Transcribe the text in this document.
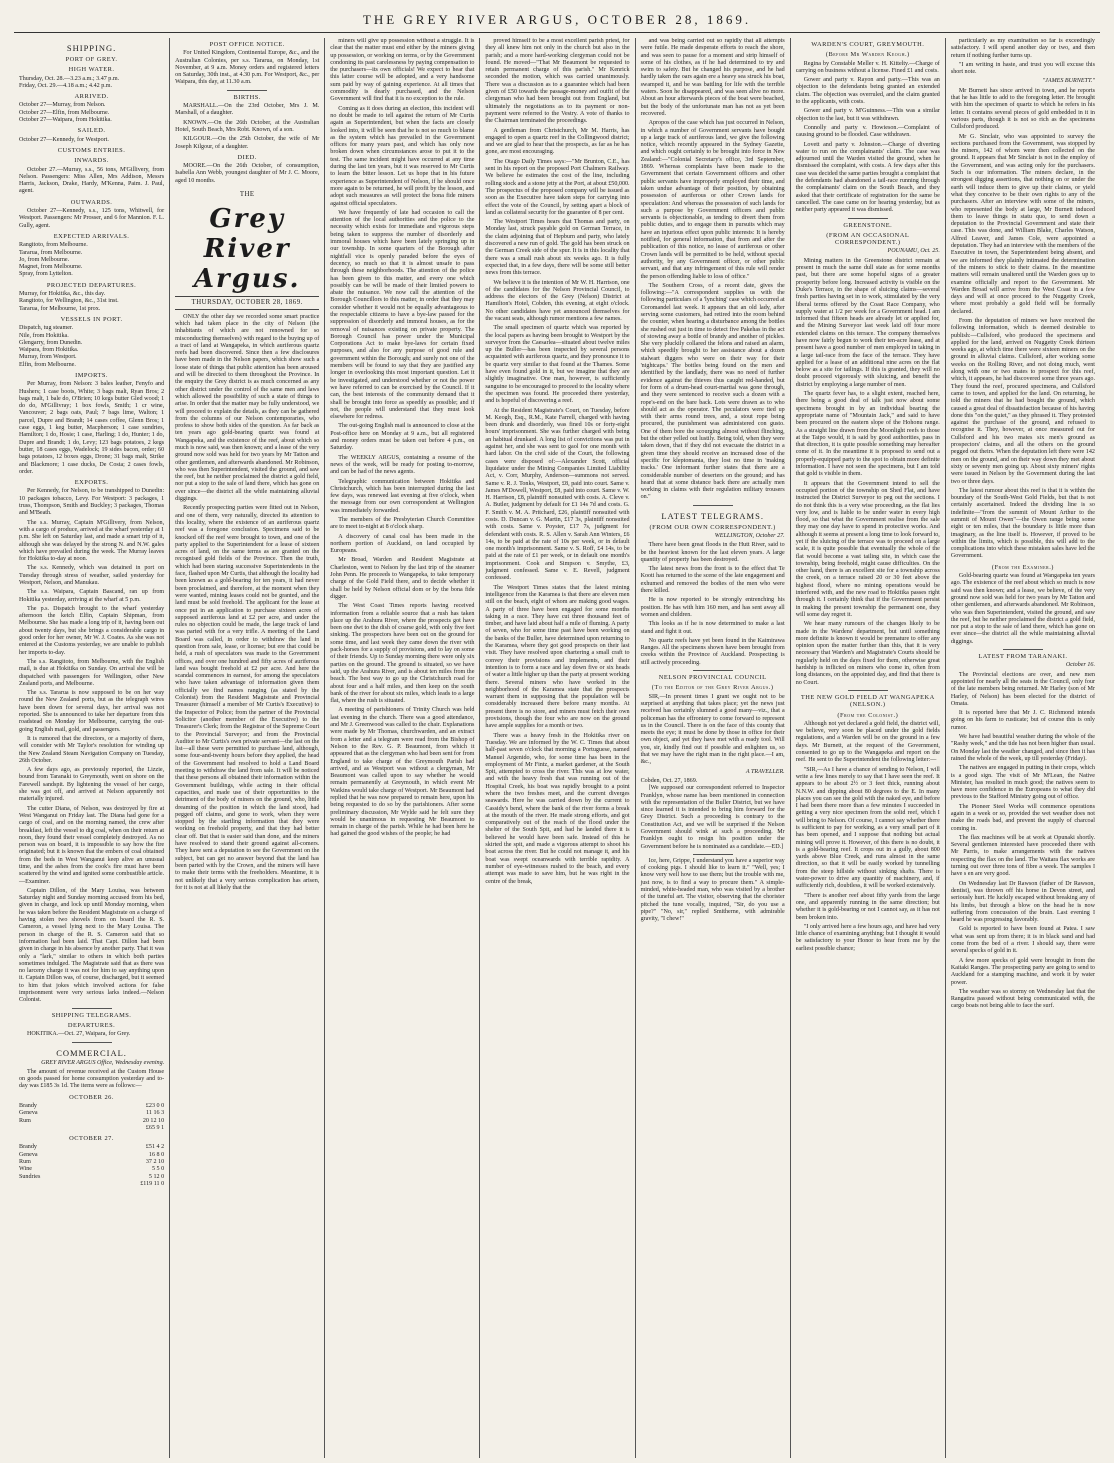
THE GREY RIVER ARGUS, OCTOBER 28, 1869.
SHIPPING.
PORT OF GREY.
HIGH WATER.

Thursday, Oct. 28.—3.23 a.m.; 3.47 p.m.

Friday, Oct. 29.—4.18 a.m.; 4.42 p.m.

ARRIVED.

October 27—Murray, from Nelson.

October 27—Elfin, from Melbourne.

October 27—Waipara, from Hokitika.

SAILED.

October 27—Kennedy, for Westport.

CUSTOMS ENTRIES.
INWARDS.

October 27.—Murray, s.s., 56 tons, M'Gillivery, from Nelson. Passengers: Miss Allen, Mrs Addison, Messrs Harris, Jackson, Drake, Hardy, M'Kenna, Paim. J. Paul, agent.

OUTWARDS.

October 27—Kennedy, s.s., 125 tons, Whitwell, for Westport. Passengers: Mr Prosser, and 6 for Mannion. F. L. Gully, agent.

EXPECTED ARRIVALS.

Rangitoto, from Melbourne.

Tararua, from Melbourne.

Jo, from Melbourne.

Magnet, from Melbourne.

Spray, from Lyttelton.

PROJECTED DEPARTURES.

Murray, for Hokitika, &c., this day.

Rangitoto, for Wellington, &c., 31st inst.

Tararua, for Melbourne, 1st prox.

VESSELS IN PORT.

Dispatch, tug steamer.

Nile, from Hokitika.

Glengarry, from Dunedin.

Waipara, from Hokitika.

Murray, from Westport.

Elfin, from Melbourne.

IMPORTS.

Per Murray, from Nelson: 3 bales leather, Fenyfo and Hushers; 1 case boots, White; 3 bags malt, Ryan Bros; 2 bags malt, 1 bale do, O'Brien; 10 kegs butter Gled wood; 1 do do, M'Gillivray; 1 box fowls, Smith; 1 cr wine, Vancouver; 2 bags oats, Paul; 7 bags lime, Walton; 1 parcel, Dupre and Brandt; 14 cases coffee, Glenn Bros; 1 case eggs, 1 keg butter, Macpherson; 1 case sundries, Hamilton; 1 do, Hosie; 1 case, Harling; 1 do, Hunter; 1 do, Dupre and Brandt; 1 do, Levy; 123 bags potatoes, 2 kegs butter, 18 cases eggs, Wadelock; 19 sides bacon, order; 60 bags potatoes, 12 boxes eggs, Drone; 31 bags malt, Strike and Blackmore; 1 case ducks, De Costa; 2 cases fowls, order.

EXPORTS.

Per Kennedy, for Nelson, to be transhipped to Dunedin: 10 packages tobacco, Levy. For Westport: 3 packages, 1 truss, Thompson, Smith and Buckley; 3 packages, Thomas and M'Beath.

The s.s. Murray, Captain M'Gillivery, from Nelson, with a cargo of produce, arrived at the wharf yesterday at 1 p.m. She left on Saturday last, and made a smart trip of it, although she was delayed by the strong N. and N.W. gales which have prevailed during the week. The Murray leaves for Hokitika to-day at noon.

The s.s. Kennedy, which was detained in port on Tuesday through stress of weather, sailed yesterday for Westport, Nelson, and Manukau.

The s.s. Waipara, Captain Bascand, ran up from Hokitika yesterday, arriving at the wharf at 5 p.m.

The p.s. Dispatch brought to the wharf yesterday afternoon the ketch Elfin, Captain Shipman, from Melbourne. She has made a long trip of it, having been out about twenty days, but she brings a considerable cargo in good order for her owner, Mr W. J. Coates. As she was not entered at the Customs yesterday, we are unable to publish her imports to-day.

The s.s. Rangitoto, from Melbourne, with the English mail, is due at Hokitika on Sunday. On arrival she will be dispatched with passengers for Wellington, other New Zealand ports, and Melbourne.

The s.s. Tararua is now supposed to be on her way round the New Zealand ports, but as the telegraph wires have been down for several days, her arrival was not reported. She is announced to take her departure from this roadstead on Monday for Melbourne, carrying the out-going English mail, gold, and passengers.

It is rumored that the directors, or a majority of them, will consider with Mr Taylor's resolution for winding up the New Zealand Steam Navigation Company on Tuesday, 26th October.

A few days ago, as previously reported, the Lizzie, bound from Taranaki to Greymouth, went on shore on the Farewell sandspit. By lightening the vessel of her cargo, she was got off, and arrived at Nelson apparently not materially injured.

The cutter Diana, of Nelson, was destroyed by fire at West Wanganui on Friday last. The Diana had gone for a cargo of coal, and on the morning named, the crew after breakfast, left the vessel to dig coal, when on their return at noon, they found their vessel completely destroyed. As no person was on board, it is impossible to say how the fire originated; but it is known that the embers of coal obtained from the beds in West Wanganui keep alive an unusual time, and the ashes from the cook's fire must have been scattered by the wind and ignited some combustible article.—Examiner.

Captain Dillon, of the Mary Louisa, was between Saturday night and Sunday morning accused from his bed, given in charge, and lock up until Monday morning, when he was taken before the Resident Magistrate on a charge of having stolen two shovels from on board the R. S. Cameron, a vessel lying next to the Mary Louisa. The person in charge of the R. S. Cameron said that so information had been laid. That Capt. Dillon had been given in charge in his absence by another party. That it was only a "lark," similar to others in which both parties sometimes indulged. The Magistrate said that as there was no larceny charge it was not for him to say anything upon it. Captain Dillon was, of course, discharged, but it seemed to him that jokes which involved actions for false imprisonment were very serious larks indeed.—Nelson Colonist.

SHIPPING TELEGRAMS.
DEPARTURES.

HOKITIKA.—Oct. 27, Waipara, for Grey.

COMMERCIAL.

GREY RIVER ARGUS Office, Wednesday evening.

The amount of revenue received at the Custom House on goods passed for home consumption yesterday and to-day was £185 3s 1d. The items were as follows:—

OCTOBER 26.
Brandy	£23 0 0
Geneva	11 16 3
Rum	20 12 10
	£65 9 1
OCTOBER 27.
Brandy	£51 4 2
Geneva	16 8 0
Rum	37 2 10
Wine	5 5 0
Sundries	5 12 0
	£119 11 0
POST OFFICE NOTICE.

For United Kingdom, Continental Europe, &c., and the Australian Colonies, per s.s. Tararua, on Monday, 1st November, at 9 a.m. Money orders and registered letters on Saturday, 30th inst., at 4.30 p.m. For Westport, &c., per Waipara, this day, at 11.30 a.m.

BIRTHS.

MARSHALL.—On the 23rd October, Mrs J. M. Marshall, of a daughter.

KNOWN.—On the 26th October, at the Australian Hotel, South Beach, Mrs Robt. Known, of a son.

KILGOUR.—On the 25th October, the wife of Mr Joseph Kilgour, of a daughter.

DIED.

MOORE.—On the 26th October, of consumption, Isabella Ann Webb, youngest daughter of Mr J. C. Moore, aged 10 months.

THE
Grey River Argus.
THURSDAY, OCTOBER 28, 1869.

ONLY the other day we recorded some smart practice which had taken place in the city of Nelson (the inhabitants of which are not renowned for so misconducting themselves) with regard to the buying up of a tract of land at Wangapeka, in which auriferous quartz reefs had been discovered. Since then a few disclosures have been made in the Nelson papers, which show such a loose state of things that public attention has been aroused and will be directed to them throughout the Province. In the enquiry the Grey district is as much concerned as any other district under the control of the same men and laws which allowed the possibility of such a state of things to arise. In order that the matter may be fully understood, we will proceed to explain the details, as they can be gathered from the columns of our Nelson contemporaries, who profess to show both sides of the question. As far back as ten years ago gold-bearing quartz was found at Wangapeka, and the existence of the reef, about which so much is now said, was then known; and a lease of the very ground now sold was held for two years by Mr Tatton and other gentlemen, and afterwards abandoned. Mr Robinson, who was then Superintendent, visited the ground, and saw the reef, but he neither proclaimed the district a gold field, nor put a stop to the sale of land there, which has gone on ever since—the district all the while maintaining alluvial diggings.

Recently prospecting parties were fitted out in Nelson, and one of them, very naturally, directed its attention to this locality, where the existence of an auriferous quartz reef was a foregone conclusion. Specimens said to be knocked off the reef were brought to town, and one of the party applied to the Superintendent for a lease of sixteen acres of land, on the same terms as are granted on the recognised gold fields of the Province. Then the truth, which had been staring successive Superintendents in the face, flashed upon Mr Curtis, that although the locality had been known as a gold-bearing for ten years, it had never been proclaimed, and therefore, at the moment when they were wanted, mining leases could not be granted, and the land must be sold freehold. The applicant for the lease at once put in an application to purchase sixteen acres of supposed auriferous land at £2 per acre, and under the rules no objection could be made, the large track of land was parted with for a very trifle. A meeting of the Land Board was called, in order to withdraw the land in question from sale, lease, or license; but ere that could be held, a rush of speculators was made to the Government offices, and over one hundred and fifty acres of auriferous land was bought freehold at £2 per acre. And here the scandal commences in earnest, for among the speculators who have taken advantage of information given them officially we find names ranging (as stated by the Colonist) from the Resident Magistrate and Provincial Treasurer (himself a member of Mr Curtis's Executive) to the Inspector of Police; from the partner of the Provincial Solicitor (another member of the Executive) to the Treasurer's Clerk; from the Registrar of the Supreme Court to the Provincial Surveyor; and from the Provincial Auditor to Mr Curtis's own private servant—the last on the list—all these were permitted to purchase land, although, some four-and-twenty hours before they applied, the head of the Government had resolved to hold a Land Board meeting to withdraw the land from sale. It will be noticed that these persons all obtained their information within the Government buildings, while acting in their official capacities, and made use of their opportunities to the detriment of the body of miners on the ground, who, little dreaming of the position in which the land stood, had pegged off claims, and gone to work, when they were stopped by the startling information that they were working on freehold property, and that they had better clear off. But that is easier said than done, and the miners have resolved to stand their ground against all-comers. They have sent a deputation to see the Government on the subject, but can get no answer beyond that the land has been parted with by the Crown, and the miners will have to make their terms with the freeholders. Meantime, it is not unlikely that a very serious complication has arisen, for it is not at all likely that the

miners will give up possession without a struggle. It is clear that the matter must end either by the miners giving up possession, or working on terms, or by the Government condoning its past carelessness by paying compensation to the purchasers—its own officials! We expect to hear that this latter course will be adopted, and a very handsome sum paid by way of gaining experience. At all times that commodity is dearly purchased, and the Nelson Government will find that it is no exception to the rule.

Coming as it does during an election, this incident will no doubt be made to tell against the return of Mr Curtis again as Superintendent, but when the facts are closely looked into, it will be seen that he is not so much to blame as the system which has prevailed in the Government offices for many years past, and which has only now broken down when circumstances arose to put it to the test. The same incident might have occurred at any time during the last ten years, but it was reserved to Mr Curtis to learn the bitter lesson. Let us hope that in his future experience as Superintendent of Nelson, if he should once more again to be returned, he will profit by the lesson, and adopt such measures as will protect the bona fide miners against official speculators.

We have frequently of late had occasion to call the attention of the local authorities and the police to the necessity which exists for immediate and vigorous steps being taken to suppress the number of disorderly and immoral houses which have been lately springing up in our township. In some quarters of the Borough after nightfall vice is openly paraded before the eyes of decency, so much so that it is almost unsafe to pass through these neighborhoods. The attention of the police has been given to this matter, and every one which possibly can be will be made of their limited powers to abate the nuisance. We now call the attention of the Borough Councillors to this matter, in order that they may consider whether it would not be equally advantageous to the respectable citizens to have a bye-law passed for the suppression of disorderly and immoral houses, as for the removal of nuisances existing on private property. The Borough Council has power under the Municipal Corporations Act to make bye-laws for certain fixed purposes, and also for any purpose of good rule and government within the Borough; and surely not one of the members will be found to say that they are justified any longer in overlooking this most important question. Let it be investigated, and understood whether or not the power we have referred to can be exercised by the Council. If it can, the best interests of the community demand that it shall be brought into force as speedily as possible; and if not, the people will understand that they must look elsewhere for redress.

The out-going English mail is announced to close at the Post-office here on Monday at 9 a.m., but all registered and money orders must be taken out before 4 p.m., on Saturday.

The WEEKLY ARGUS, containing a resume of the news of the week, will be ready for posting to-morrow, and can be had of the news agents.

Telegraphic communication between Hokitika and Christchurch, which has been interrupted during the last few days, was renewed last evening at five o'clock, when the message from our own correspondent at Wellington was immediately forwarded.

The members of the Presbyterian Church Committee are to meet to-night at 8 o'clock sharp.

A discovery of canal coal has been made in the northern portion of Auckland, on land occupied by Europeans.

Mr Broad, Warden and Resident Magistrate at Charleston, went to Nelson by the last trip of the steamer John Penn. He proceeds to Wangapeka, to take temporary charge of the Gold Field there, and to decide whether it shall be held by Nelson official dom or by the bona fide digger.

The West Coast Times reports having received information from a reliable source that a rush has taken place up the Arahura River, where the prospects got have been one dwt to the dish of coarse gold, with only five feet sinking. The prospectors have been out on the ground for some time, and last week they came down the river with pack-horses for a supply of provisions, and to lay on some of their friends. Up to Sunday morning there were only six parties on the ground. The ground is situated, so we have said, up the Arahura River, and is about ten miles from the beach. The best way to go up the Christchurch road for about four and a half miles, and then keep on the south bank of the river for about six miles, which leads to a large flat, where the rush is situated.

A meeting of parishioners of Trinity Church was held last evening in the church. There was a good attendance, and Mr J. Greenwood was called to the chair. Explanations were made by Mr Thomas, churchwarden, and an extract from a letter and a telegram were read from the Bishop of Nelson to the Rev. G. P. Beaumont, from which it appeared that as the clergyman who had been sent for from England to take charge of the Greymouth Parish had arrived, and as Westport was without a clergyman, Mr Beaumont was called upon to say whether he would remain permanently at Greymouth, in which event Mr Watkins would take charge of Westport. Mr Beaumont had replied that he was now prepared to remain here, upon his being requested to do so by the parishioners. After some preliminary discussion, Mr Wylde said he felt sure they would be unanimous in requesting Mr Beaumont to remain in charge of the parish. While he had been here he had gained the good wishes of the people; he had

proved himself to be a most excellent parish priest, for they all knew him not only in the church but also in the parish; and a more hard-working clergyman could not be found. He moved—"That Mr Beaumont be requested to retain permanent charge of this parish." Mr Kenrick seconded the motion, which was carried unanimously. There was a discussion as to a guarantee which had been given of £50 towards the passage-money and outfit of the clergyman who had been brought out from England, but ultimately the negotiations as to its payment or non-payment were referred to the Vestry. A vote of thanks to the Chairman terminated the proceedings.

A gentleman from Christchurch, Mr M. Harris, has engaged to open a quartz reef in the Collingwood district; and we are glad to hear that the prospects, as far as he has gone, are most encouraging.

The Otago Daily Times says:—"Mr Brunton, C.E., has sent in his report on the proposed Port Chalmers Railway. We believe he estimates the cost of the line, including rolling stock and a stone jetty at the Port, at about £50,000. The prospectus of the proposed company will be issued as soon as the Executive have taken steps for carrying into effect the vote of the Council, by setting apart a block of land as collateral security for the guarantee of 8 per cent.

The Westport Times hears that Thomas and party, on Monday last, struck payable gold on German Terrace, in the claim adjoining that of Hepburn and party, who lately discovered a new run of gold. The gold has been struck on the German Creek side of the spur. It is in this locality that there was a small rush about six weeks ago. It is fully expected that, in a few days, there will be some still better news from this terrace.

We believe it is the intention of Mr W. H. Harrison, one of the candidates for the Nelson Provincial Council, to address the electors of the Grey (Nelson) District at Hamilton's Hotel, Cobden, this evening, at eight o'clock. No other candidates have yet announced themselves for the vacant seats, although rumor mentions a few names.

The small specimen of quartz which was reported by the local papers as having been brought to Westport by the surveyor from the Caesarlea—situated about twelve miles up the Buller—has been inspected by several persons acquainted with auriferous quartz, and they pronounce it to be quartz very similar to that found at the Thames. Some have even found gold in it, but we imagine that they are slightly imaginative. One man, however, is sufficiently sanguine to be encouraged to proceed to the locality where the specimen was found. He proceeded there yesterday, and is hopeful of discovering a reef.

At the Resident Magistrate's Court, on Tuesday, before M. Keogh, Esq., R.M., Kate Farrell, charged with having been drunk and disorderly, was fined 10s or forty-eight hours' imprisonment. She was further charged with being an habitual drunkard. A long list of convictions was put in against her, and she was sent to gaol for one month with hard labor. On the civil side of the Court, the following cases were disposed of:—Alexander Scott, official liquidator under the Mining Companies Limited Liability Act, v. Corr, Murphy, Anderson—summons not served. Same v. R. J. Tonks, Westport, £8, paid into court. Same v. James M'Dowell, Westport, £8, paid into court. Same v. W. H. Harrison, £8, plaintiff nonsuited with costs. A. Cleve v. A. Butler, judgment by default for £1 14s 7d and costs. G. F. Smith v. M. A. Pritchard, £26, plaintiff nonsuited with costs. D. Duncan v. G. Martin, £17 3s, plaintiff nonsuited with costs. Same v. Poyster, £17 7s, judgment for defendant with costs. R. S. Allen v. Sarah Ann Winters, £6 14s, to be paid at the rate of 10s per week, or in default one month's imprisonment. Same v. S. Roff, £4 14s, to be paid at the rate of £1 per week, or in default one month's imprisonment. Cook and Simpson v. Smythe, £3, judgment confessed. Same v. E. Revell, judgment confessed.

The Westport Times states that the latest mining intelligence from the Karamea is that there are eleven men still on the beach, eight of whom are making good wages. A party of three have been engaged for some months taking in a race. They have cut three thousand feet of timber, and have laid about half a mile of fluming. A party of seven, who for some time past have been working on the banks of the Buller, have determined upon returning to the Karamea, where they got good prospects on their last visit. They have resolved upon chartering a small craft to convey their provisions and implements, and their intention is to form a race and lay down five or six heads of water a little higher up than the party at present working there. Several miners who have worked in the neighborhood of the Karamea state that the prospects warrant them in supposing that the population will be considerably increased there before many months. At present there is no store, and miners must fetch their own provisions, though the four who are now on the ground have ample supplies for a month or two.

There was a heavy fresh in the Hokitika river on Tuesday. We are informed by the W. C. Times that about half-past seven o'clock that morning a Portuguese, named Manuel Argenido, who, for some time has been in the employment of Mr Fintz, a market gardener, at the South Spit, attempted to cross the river. This was at low water, and with the heavy fresh that was running out of the Hospital Creek, his boat was rapidly brought to a point where the two freshes meet, and the current diverges seawards. Here he was carried down by the current to Cassidy's bend, where the bank of the river forms a break at the mouth of the river. He made strong efforts, and got comparatively out of the reach of the flood under the shelter of the South Spit, and had he landed there it is believed he would have been safe. Instead of this he skirted the spit, and made a vigorous attempt to shoot his boat across the river. But he could not manage it, and his boat was swept oceanwards with terrible rapidity. A number of eye-witnesses rushed to the beach, and every attempt was made to save him, but he was right in the centre of the break,

and was being carried out so rapidly that all attempts were futile. He made desperate efforts to reach the shore, and was seen to pause for a moment and strip himself of some of his clothes, as if he had determined to try and swim to safety. But he changed his purpose, and he had hardly taken the oars again ere a heavy sea struck his boat, swamped it, and he was battling for life with the terrible waters. Soon he disappeared, and was seen alive no more. About an hour afterwards pieces of the boat were beached, but the body of the unfortunate man has not as yet been recovered.

Apropos of the case which has just occurred in Nelson, in which a number of Government servants have bought up a large track of auriferous land, we give the following notice, which recently appeared in the Sydney Gazette, and which ought certainly to be brought into force in New Zealand:—"Colonial Secretary's office, 3rd September, 1869. Whereas complaints have been made to the Government that certain Government officers and other public servants have improperly employed their time, and taken undue advantage of their position, by obtaining possession of auriferous or other Crown lands for speculation: And whereas the possession of such lands for such a purpose by Government officers and public servants is objectionable, as tending to divert them from public duties, and to engage them in pursuits which may have an injurious effect upon public interests: It is hereby notified, for general information, that from and after the publication of this notice, no lease of auriferous or other Crown lands will be permitted to be held, without special authority, by any Government officer, or other public servant, and that any infringement of this rule will render the person offending liable to loss of office."

The Southern Cross, of a recent date, gives the following:—"A correspondent supplies us with the following particulars of a 'lynching' case which occurred at Coromandel last week. It appears that an old lady, after serving some customers, had retired into the room behind the counter, when hearing a disturbance among the bottles she rushed out just in time to detect five Pakehas in the act of stowing away a bottle of brandy and another of pickles. She very pluckily collared the felons and raised an alarm, which speedily brought to her assistance about a dozen stalwart diggers who were on their way for their 'nightcaps.' The bottles being found on the men and identified by the landlady, there was no need of further evidence against the thieves thus caught red-handed, but for form of a drum-head court-martial was gone through, and they were sentenced to receive such a dozen with a rope's-end on the bare back. Lots were drawn as to who should act as the operator. The peculators were tied up with their arms round trees, and, a stout rope being procured, the punishment was administered con gusto. One of them bore the scourging almost without flinching, but the other yelled out lustily. Being told, when they were taken down, that if they did not evacuate the district in a given time they should receive an increased dose of the specific for kleptomania, they lost no time in 'making tracks.' One informant further states that there are a considerable number of deserters on the ground; and has heard that at some distance back there are actually men working in claims with their regulation military trousers on."

LATEST TELEGRAMS.
(FROM OUR OWN CORRESPONDENT.)

WELLINGTON, October 27.

There have been great floods in the Hutt River, said to be the heaviest known for the last eleven years. A large quantity of property has been destroyed.

The latest news from the front is to the effect that Te Kooti has returned to the scene of the late engagement and exhumed and removed the bodies of the men who were there killed.

He is now reported to be strongly entrenching his position. He has with him 160 men, and has sent away all women and children.

This looks as if he is now determined to make a last stand and fight it out.

No quartz reefs have yet been found in the Kaimirawa Ranges. All the specimens shown have been brought from creeks within the Province of Auckland. Prospecting is still actively proceeding.

NELSON PROVINCIAL COUNCIL
(To the Editor of the Grey River Argus.)

SIR,—In present times I grant we ought not to be surprised at anything that takes place; yet the news just received has certainly slumned a good many—viz., that a policeman has the effrontery to come forward to represent us in the Council. There is on the face of this county that meets the eye; it must be done by those in office for their own object, and yet they have met with a ready tool. Will you, sir, kindly find out if possible and enlighten us, so that we may have the right man in the right place.—I am, &c.,

A TRAVELLER.

Cobden, Oct. 27, 1869.

[We supposed our correspondent referred to Inspector Franklyn, whose name has been mentioned in connection with the representation of the Buller District, but we have since learned it is intended to bring him forward for the Grey District. Such a proceeding is contrary to the Constitution Act, and we will be surprised if the Nelson Government should wink at such a proceeding. Mr Franklyn ought to resign his position under the Government before he is nominated as a candidate.—ED.]

Ice, here, Grippe, I understand you have a superior way of cooking pigs. I should like to learn it." "Well, yes; I know very well how to use them; but the trouble with me, just now, is to find a way to procure them." A simple-minded, white-headed man, who was visited by a brother of the tuneful art. The visitor, observing that the chorister pitched the tune vocally, inquired, "Sir, do you use a pipe?" "No, sir," replied Smitherne, with admirable gravity, "I chew!"

WARDEN'S COURT, GREYMOUTH.
(Before Mr Warden Keogh.)

Regina by Constable Meller v. H. Kittelty.—Charge of carrying on business without a license. Fined £1 and costs.

Gower and party v. Rayon and party.—This was an objection to the defendants being granted an extended claim. The objection was overruled, and the claim granted to the applicants, with costs.

Gower and party v. M'Guinness.—This was a similar objection to the last, but it was withdrawn.

Connolly and party v. Howieson.—Complaint of causing ground to be flooded. Case withdrawn.

Lovett and party v. Johnston.—Charge of diverting water to run on the complainants' claim. The case was adjourned until the Warden visited the ground, when he dismissed the complaint, with costs. A few days after this case was decided the same parties brought a complaint that the defendants had abandoned a tail-race running through the complainants' claim on the South Beach, and they asked that their certificate of registration for the same be cancelled. The case came on for hearing yesterday, but as neither party appeared it was dismissed.

GREENSTONE.
(FROM AN OCCASIONAL CORRESPONDENT.)

POUNAMU, Oct. 25.

Mining matters in the Greenstone district remain at present in much the same dull state as for some months past, but there are some hopeful signs of a greater prosperity before long. Increased activity is visible on the Duke's Terrace, in the shape of sluicing claims—several fresh parties having set in to work, stimulated by the very liberal terms offered by the Coast Race Company, who supply water at 1/2 per week for a Government head. I am informed that fifteen heads are already let or applied for, and the Mining Surveyor last week laid off four more extended claims on this terrace. The company themselves have now fairly begun to work their ten-acre lease, and at present have a good number of men employed in taking in a large tail-race from the face of the terrace. They have applied for a lease of an additional nine acres on the flat below as a site for tailings. If this is granted, they will no doubt proceed vigorously with sluicing, and benefit the district by employing a large number of men.

The quartz fever has, to a slight extent, reached here, there being a good deal of talk just now about some specimens brought in by an individual bearing the appropriate name of "Mountain Jack," and said to have been procured on the eastern slope of the Hohonu range. As a straight line drawn from the Moonlight reefs to those at the Taipo would, it is said by good authorities, pass in that direction, it is quite possible something may hereafter come of it. In the meantime it is proposed to send out a properly-equipped party to the spot to obtain more definite information. I have not seen the specimens, but I am told that gold is visible in them.

It appears that the Government intend to sell the occupied portion of the township on Shed Flat, and have instructed the District Surveyor to peg out the sections. I do not think this is a very wise proceeding, as the flat lies very low, and is liable to be under water in every high flood, so that what the Government realise from the sale they may one day have to spend in protective works. And although it seems at present a long time to look forward to, yet if the sluicing of the terrace was to proceed on a large scale, it is quite possible that eventually the whole of the flat would become a vast tailing site, in which case the township, being freehold, might cause difficulties. On the other hand, there is an excellent site for a township across the creek, on a terrace raised 20 or 30 feet above the highest flood, where no mining operations would be interfered with, and the new road to Hokitika passes right through it. I certainly think that if the Government persist in making the present township the permanent one, they will some day regret it.

We hear many rumours of the changes likely to be made in the Wardens' department, but until something more definite is known it would be premature to offer any opinion upon the matter further than this, that it is very necessary that Warden's and Magistrate's Courts should be regularly held on the days fixed for them, otherwise great hardship is inflicted on miners who come in, often from long distances, on the appointed day, and find that there is no Court.

THE NEW GOLD FIELD AT WANGAPEKA (NELSON.)
(From the Colonist.)

Although not yet declared a gold field, the district will, we believe, very soon be placed under the gold fields regulations, and a Warden will be on the ground in a few days. Mr Burnett, at the request of the Government, consented to go up to the Wangapeka and report on the reef. He sent to the Superintendent the following letter:—

"SIR,—As I have a chance of sending to Nelson, I will write a few lines merely to say that I have seen the reef. It appears to be about 2½ or 3 feet thick, running about N.N.W. and dipping about 80 degrees to the E. In many places you can see the gold with the naked eye, and before I had been there more than a few minutes I succeeded in getting a very nice specimen from the solid reef, which I will bring to Nelson. Of course, I cannot say whether there is sufficient to pay for working, as a very small part of it has been opened, and I suppose that nothing but actual mining will prove it. However, of this there is no doubt, it is a gold-bearing reef. It crops out in a gully, about 800 yards above Blue Creek, and runs almost in the same direction, so that it will be easily worked by tunnelling from the steep hillside without sinking shafts. There is water-power to drive any quantity of machinery, and, if sufficiently rich, doubtless, it will be worked extensively.

"There is another reef about fifty yards from the large one, and apparently running in the same direction; but whether it is gold-bearing or not I cannot say, as it has not been broken into.

"I only arrived here a few hours ago, and have had very little chance of examining anything; but I thought it would be satisfactory to your Honor to hear from me by the earliest possible chance;

particularly as my examination so far is exceedingly satisfactory. I will spend another day or two, and then return if nothing further turns up.

"I am writing in haste, and trust you will excuse this short note.

"JAMES BURNETT."

Mr Burnett has since arrived in town, and he reports that he has little to add to the foregoing letter. He brought with him the specimen of quartz to which he refers in his letter. It contains several pieces of gold embedded in it in various parts, though it is not so rich as the specimens Cullsford produced.

Mr G. Sinclair, who was appointed to survey the sections purchased from the Government, was stopped by the miners, 142 of whom were then collected on the ground. It appears that Mr Sinclair is not in the employ of the Government, and was acting only for the purchasers. Such is our information. The miners declare, in the strongest digging assertions, that nothing on or under the earth will induce them to give up their claims, or yield what they conceive to be their own rights to any of the purchasers. After an interview with some of the miners, who represented the body at large, Mr Burnett induced them to leave things in statu quo, to send down a deputation to the Provincial Government and state their case. This was done, and William Blake, Charles Watson, Alfred Leaver, and James Cole, were appointed a deputation. They had an interview with the members of the Executive in town, the Superintendent being absent, and we are informed they plainly intimated the determination of the miners to stick to their claims. In the meantime matters will remain unaltered until the Warden goes up to examine officially and report to the Government. Mr Warden Broad will arrive from the West Coast in a few days and will at once proceed to the Nuggetty Creek, where most probably a gold field will be formally declared.

From the deputation of miners we have received the following information, which is deemed desirable to publish:—Cullsford, who produced the specimens and applied for the land, arrived on Nuggetty Creek thirteen weeks ago, at which time there were sixteen miners on the ground in alluvial claims. Cullsford, after working some weeks on the Rolling River, and not doing much, went along with one or two mates to prospect for this reef, which, it appears, he had discovered some three years ago. They found the reef, procured specimens, and Cullsford came to town, and applied for the land. On returning, he told the miners that he had bought the ground, which caused a great deal of dissatisfaction because of his having done this "on the quiet," as they phrased it. They protested against the purchase of the ground, and refused to recognise it. They, however, at once measured out for Cullsford and his two mates six men's ground as prospectors' claims, and all the others on the ground pegged out theirs. When the deputation left there were 142 men on the ground, and on their way down they met about sixty or seventy men going up. About sixty miners' rights were issued in Nelson by the Government during the last two or three days.

The latest rumour about this reef is that it is within the boundary of the South-West Gold Fields, but that is not certainly ascertained. Indeed the dividing line is so indefinite—"from the summit of Mount Arthur to the summit of Mount Owen"—the Owen range being some eight or ten miles, that the boundary is little more than imaginary, as the line itself is. However, if proved to be within the limits, which is possible, this will add to the complications into which these mistaken sales have led the Government.

(From the Examiner.)

Gold-bearing quartz was found at Wangapeka ten years ago. The existence of the reef about which so much is now said was then known; and a lease, we believe, of the very ground now sold was held for two years by Mr Tatton and other gentlemen, and afterwards abandoned. Mr Robinson, who was then Superintendent, visited the ground, and saw the reef, but he neither proclaimed the district a gold field, nor put a stop to the sale of land there, which has gone on ever since—the district all the while maintaining alluvial diggings.

LATEST FROM TARANAKI.

October 16.

The Provincial elections are over, and new men appointed for nearly all the seats in the Council, only four of the late members being returned. Mr Harley (son of Mr Harley, of Nelson) has been elected for the district of Omata.

It is reported here that Mr J. C. Richmond intends going on his farm to rusticate; but of course this is only rumor.

We have had beautiful weather during the whole of the "Rashy week," and the tide has not been higher than usual. On Monday last the weather changed, and since then it has rained the whole of the week, up till yesterday (Friday).

The natives are engaged in putting in their crops, which is a good sign. The visit of Mr M'Lean, the Native Minister, has resulted in much good; the natives seem to have more confidence in the Europeans to what they did previous to the Stafford Ministry going out of office.

The Pioneer Steel Works will commence operations again in a week or so, provided the wet weather does not make the roads bad, and prevent the supply of charcoal coming in.

The flax machines will be at work at Opunaki shortly. Several gentlemen interested have proceeded there with Mr Parris, to make arrangements with the natives respecting the flax on the land. The Waitara flax works are turning out over three tons of fibre a week. The samples I have s en are very good.

On Wednesday last Dr Rawson (father of Dr Rawson, dentist), was thrown off his horse in Devon street, and seriously hurt. He luckily escaped without breaking any of his limbs, but through a blow on the head he is now suffering from concussion of the brain. Last evening I heard he was progressing favorably.

Gold is reported to have been found at Patea. I saw what was sent up from there; it is in black sand and had come from the bed of a river. I should say, there were several specks of gold in it.

A few more specks of gold were brought in from the Kaitaki Ranges. The prospecting party are going to send to Auckland for a stamping machine, and work it by water power.

The weather was so stormy on Wednesday last that the Rangatira passed without being communicated with, the cargo boats not being able to face the surf.
